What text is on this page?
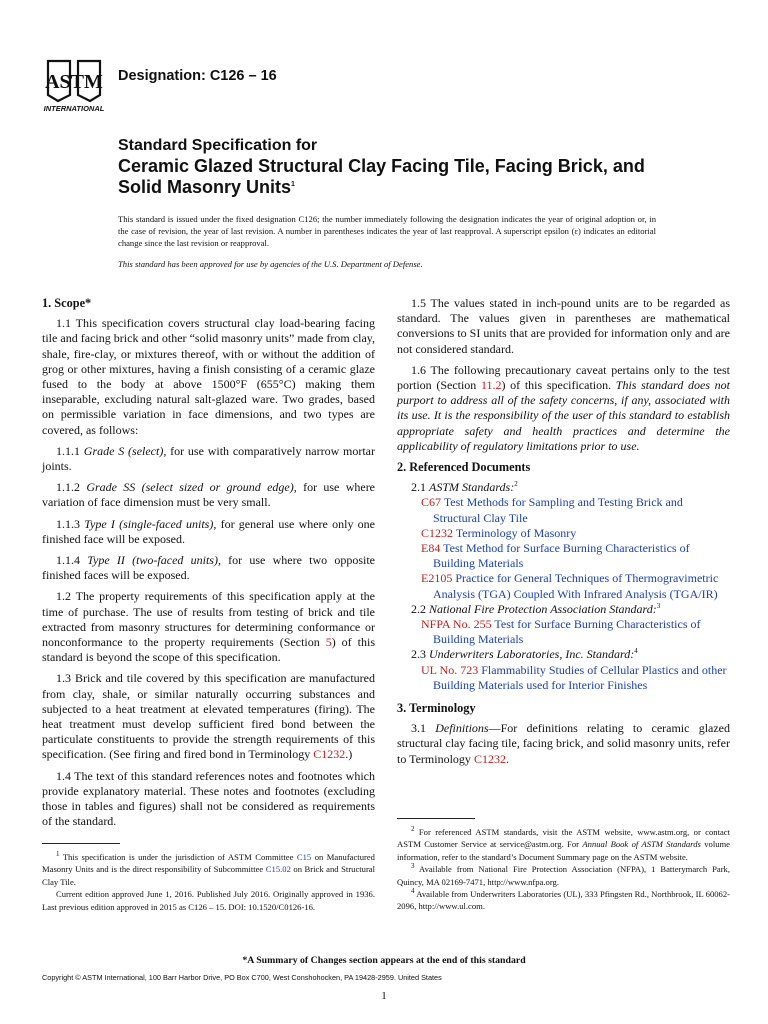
ASTM
INTERNATIONAL
Designation: C126 – 16
Standard Specification for
Ceramic Glazed Structural Clay Facing Tile, Facing Brick, and Solid Masonry Units$^1$

This standard is issued under the fixed designation C126; the number immediately following the designation indicates the year of original adoption or, in the case of revision, the year of last revision. A number in parentheses indicates the year of last reapproval. A superscript epsilon (ε) indicates an editorial change since the last revision or reapproval.

This standard has been approved for use by agencies of the U.S. Department of Defense.

1. Scope*

1.1 This specification covers structural clay load-bearing facing tile and facing brick and other “solid masonry units” made from clay, shale, fire-clay, or mixtures thereof, with or without the addition of grog or other mixtures, having a finish consisting of a ceramic glaze fused to the body at above 1500°F (655°C) making them inseparable, excluding natural salt-glazed ware. Two grades, based on permissible variation in face dimensions, and two types are covered, as follows:

1.1.1 Grade S (select), for use with comparatively narrow mortar joints.

1.1.2 Grade SS (select sized or ground edge), for use where variation of face dimension must be very small.

1.1.3 Type I (single-faced units), for general use where only one finished face will be exposed.

1.1.4 Type II (two-faced units), for use where two opposite finished faces will be exposed.

1.2 The property requirements of this specification apply at the time of purchase. The use of results from testing of brick and tile extracted from masonry structures for determining conformance or nonconformance to the property requirements (Section 5) of this standard is beyond the scope of this specification.

1.3 Brick and tile covered by this specification are manufactured from clay, shale, or similar naturally occurring substances and subjected to a heat treatment at elevated temperatures (firing). The heat treatment must develop sufficient fired bond between the particulate constituents to provide the strength requirements of this specification. (See firing and fired bond in Terminology C1232.)

1.4 The text of this standard references notes and footnotes which provide explanatory material. These notes and footnotes (excluding those in tables and figures) shall not be considered as requirements of the standard.

1.5 The values stated in inch-pound units are to be regarded as standard. The values given in parentheses are mathematical conversions to SI units that are provided for information only and are not considered standard.

1.6 The following precautionary caveat pertains only to the test portion (Section 11.2) of this specification. This standard does not purport to address all of the safety concerns, if any, associated with its use. It is the responsibility of the user of this standard to establish appropriate safety and health practices and determine the applicability of regulatory limitations prior to use.

2. Referenced Documents

2.1 ASTM Standards:$^2$

C67 Test Methods for Sampling and Testing Brick and Structural Clay Tile

C1232 Terminology of Masonry

E84 Test Method for Surface Burning Characteristics of Building Materials

E2105 Practice for General Techniques of Thermogravimetric Analysis (TGA) Coupled With Infrared Analysis (TGA/IR)

2.2 National Fire Protection Association Standard:$^3$

NFPA No. 255 Test for Surface Burning Characteristics of Building Materials

2.3 Underwriters Laboratories, Inc. Standard:$^4$

UL No. 723 Flammability Studies of Cellular Plastics and other Building Materials used for Interior Finishes

3. Terminology

3.1 Definitions—For definitions relating to ceramic glazed structural clay facing tile, facing brick, and solid masonry units, refer to Terminology C1232.

$^1$ This specification is under the jurisdiction of ASTM Committee C15 on Manufactured Masonry Units and is the direct responsibility of Subcommittee C15.02 on Brick and Structural Clay Tile.

Current edition approved June 1, 2016. Published July 2016. Originally approved in 1936. Last previous edition approved in 2015 as C126 – 15. DOI: 10.1520/C0126-16.

$^2$ For referenced ASTM standards, visit the ASTM website, www.astm.org, or contact ASTM Customer Service at service@astm.org. For Annual Book of ASTM Standards volume information, refer to the standard’s Document Summary page on the ASTM website.

$^3$ Available from National Fire Protection Association (NFPA), 1 Batterymarch Park, Quincy, MA 02169-7471, http://www.nfpa.org.

$^4$ Available from Underwriters Laboratories (UL), 333 Pfingsten Rd., Northbrook, IL 60062-2096, http://www.ul.com.

*A Summary of Changes section appears at the end of this standard
Copyright © ASTM International, 100 Barr Harbor Drive, PO Box C700, West Conshohocken, PA 19428-2959. United States
1
